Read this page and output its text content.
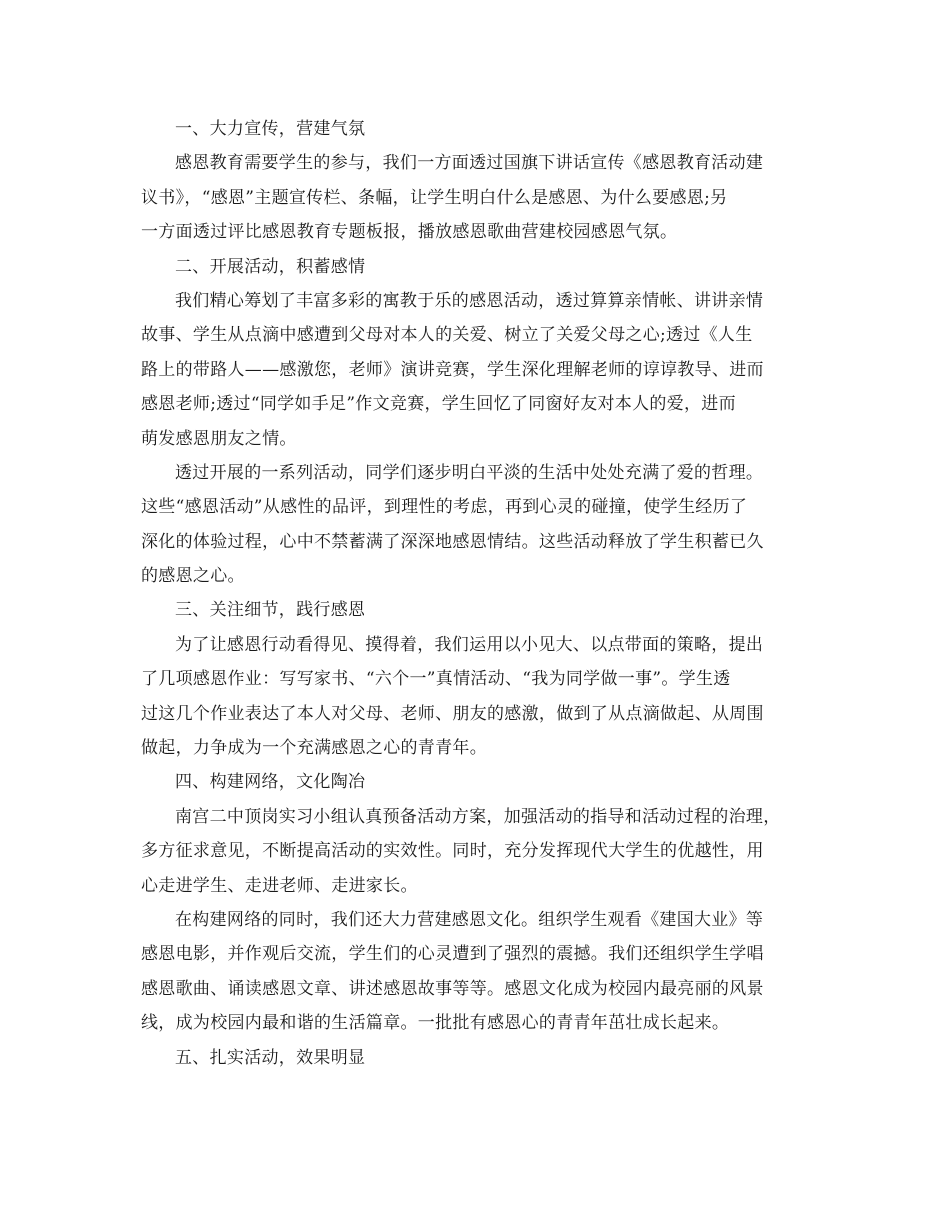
一、大力宣传，营建气氛
感恩教育需要学生的参与，我们一方面透过国旗下讲话宣传《感恩教育活动建
议书》，“感恩”主题宣传栏、条幅，让学生明白什么是感恩、为什么要感恩;另
一方面透过评比感恩教育专题板报，播放感恩歌曲营建校园感恩气氛。
二、开展活动，积蓄感情
我们精心筹划了丰富多彩的寓教于乐的感恩活动，透过算算亲情帐、讲讲亲情
故事、学生从点滴中感遭到父母对本人的关爱、树立了关爱父母之心;透过《人生
路上的带路人——感激您，老师》演讲竞赛，学生深化理解老师的谆谆教导、进而
感恩老师;透过“同学如手足”作文竞赛，学生回忆了同窗好友对本人的爱，进而
萌发感恩朋友之情。
透过开展的一系列活动，同学们逐步明白平淡的生活中处处充满了爱的哲理。
这些“感恩活动”从感性的品评，到理性的考虑，再到心灵的碰撞，使学生经历了
深化的体验过程，心中不禁蓄满了深深地感恩情结。这些活动释放了学生积蓄已久
的感恩之心。
三、关注细节，践行感恩
为了让感恩行动看得见、摸得着，我们运用以小见大、以点带面的策略，提出
了几项感恩作业：写写家书、“六个一”真情活动、“我为同学做一事”。学生透
过这几个作业表达了本人对父母、老师、朋友的感激，做到了从点滴做起、从周围
做起，力争成为一个充满感恩之心的青青年。
四、构建网络，文化陶冶
南宫二中顶岗实习小组认真预备活动方案，加强活动的指导和活动过程的治理，
多方征求意见，不断提高活动的实效性。同时，充分发挥现代大学生的优越性，用
心走进学生、走进老师、走进家长。
在构建网络的同时，我们还大力营建感恩文化。组织学生观看《建国大业》等
感恩电影，并作观后交流，学生们的心灵遭到了强烈的震撼。我们还组织学生学唱
感恩歌曲、诵读感恩文章、讲述感恩故事等等。感恩文化成为校园内最亮丽的风景
线，成为校园内最和谐的生活篇章。一批批有感恩心的青青年茁壮成长起来。
五、扎实活动，效果明显
